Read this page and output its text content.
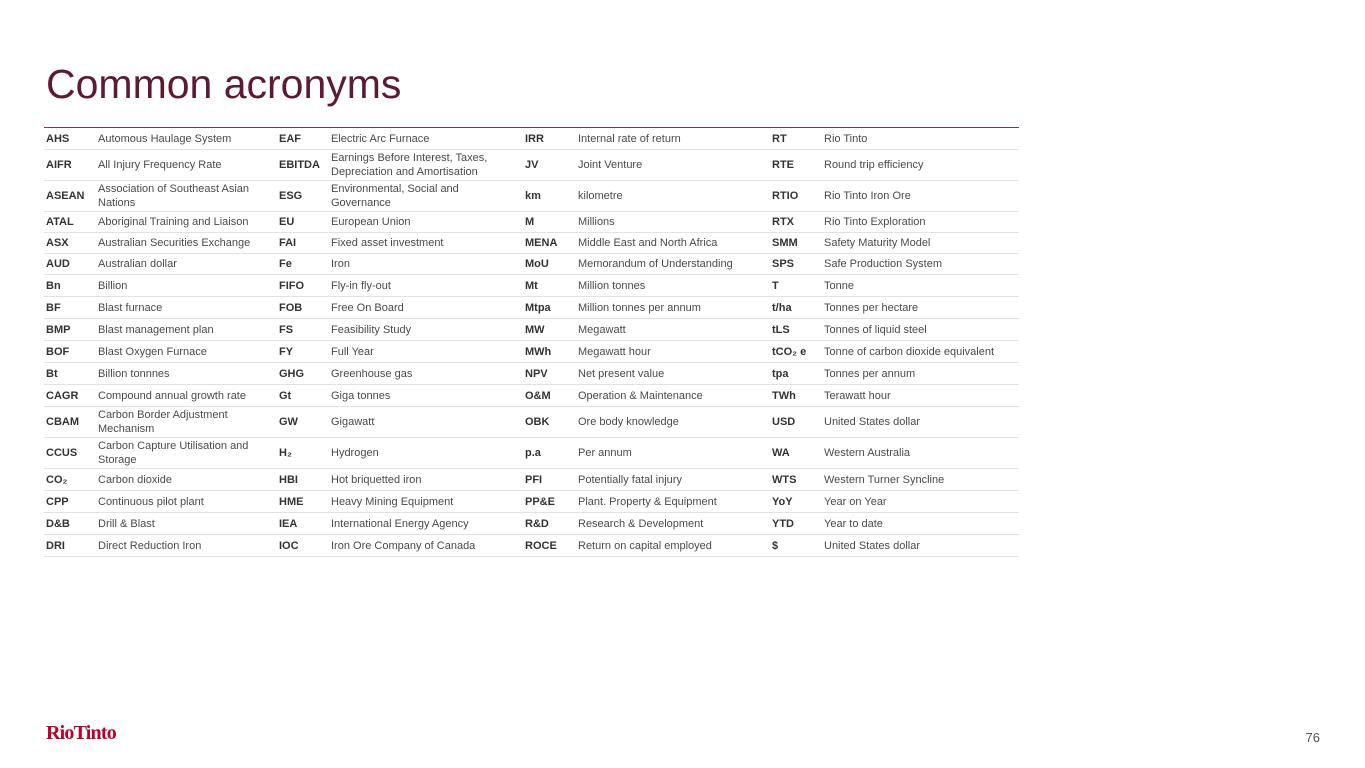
Common acronyms
AHS	Automous Haulage System	EAF	Electric Arc Furnace	IRR	Internal rate of return	RT	Rio Tinto
AIFR	All Injury Frequency Rate	EBITDA	Earnings Before Interest, Taxes, Depreciation and Amortisation	JV	Joint Venture	RTE	Round trip efficiency
ASEAN	Association of Southeast Asian Nations	ESG	Environmental, Social and Governance	km	kilometre	RTIO	Rio Tinto Iron Ore
ATAL	Aboriginal Training and Liaison	EU	European Union	M	Millions	RTX	Rio Tinto Exploration
ASX	Australian Securities Exchange	FAI	Fixed asset investment	MENA	Middle East and North Africa	SMM	Safety Maturity Model
AUD	Australian dollar	Fe	Iron	MoU	Memorandum of Understanding	SPS	Safe Production System
Bn	Billion	FIFO	Fly-in fly-out	Mt	Million tonnes	T	Tonne
BF	Blast furnace	FOB	Free On Board	Mtpa	Million tonnes per annum	t/ha	Tonnes per hectare
BMP	Blast management plan	FS	Feasibility Study	MW	Megawatt	tLS	Tonnes of liquid steel
BOF	Blast Oxygen Furnace	FY	Full Year	MWh	Megawatt hour	tCO₂ e	Tonne of carbon dioxide equivalent
Bt	Billion tonnnes	GHG	Greenhouse gas	NPV	Net present value	tpa	Tonnes per annum
CAGR	Compound annual growth rate	Gt	Giga tonnes	O&M	Operation & Maintenance	TWh	Terawatt hour
CBAM	Carbon Border Adjustment Mechanism	GW	Gigawatt	OBK	Ore body knowledge	USD	United States dollar
CCUS	Carbon Capture Utilisation and Storage	H₂	Hydrogen	p.a	Per annum	WA	Western Australia
CO₂	Carbon dioxide	HBI	Hot briquetted iron	PFI	Potentially fatal injury	WTS	Western Turner Syncline
CPP	Continuous pilot plant	HME	Heavy Mining Equipment	PP&E	Plant. Property & Equipment	YoY	Year on Year
D&B	Drill & Blast	IEA	International Energy Agency	R&D	Research & Development	YTD	Year to date
DRI	Direct Reduction Iron	IOC	Iron Ore Company of Canada	ROCE	Return on capital employed	$	United States dollar
RioTinto	76
